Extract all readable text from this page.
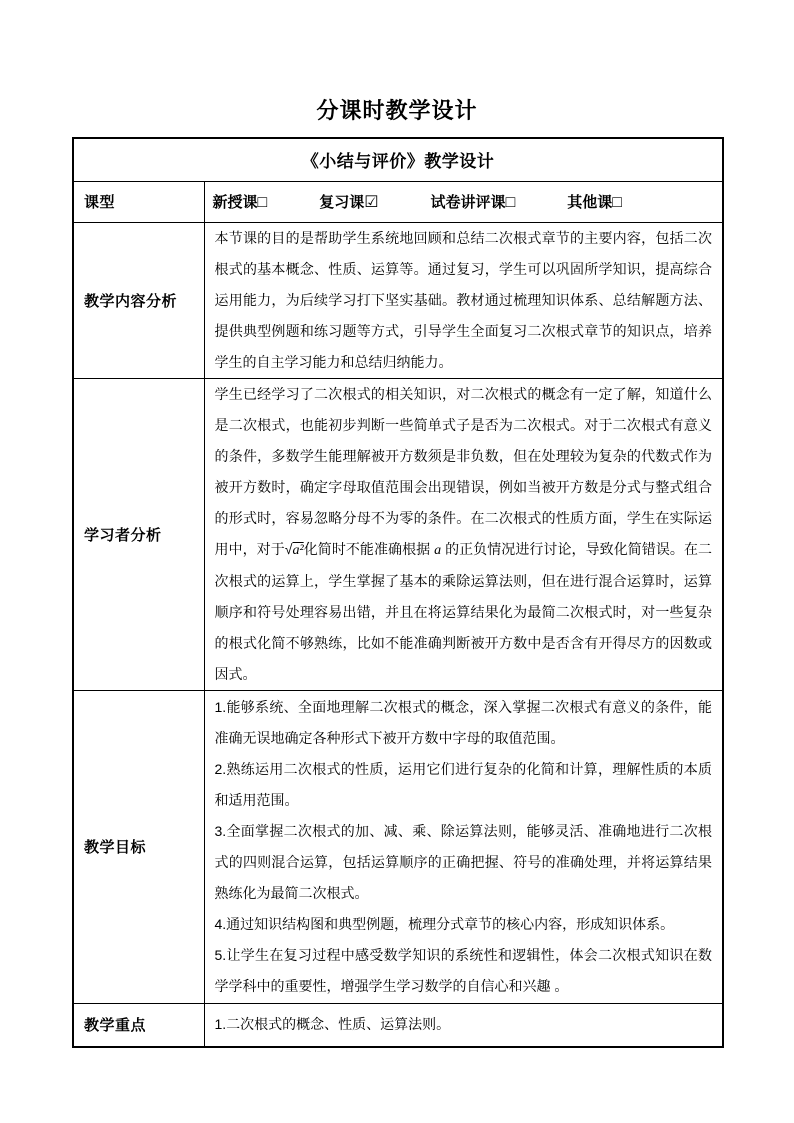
分课时教学设计
《小结与评价》教学设计	
课型	新授课□ 复习课☑ 试卷讲评课□ 其他课□

教学内容分析	本节课的目的是帮助学生系统地回顾和总结二次根式章节的主要内容，包括二次根式的基本概念、性质、运算等。通过复习，学生可以巩固所学知识，提高综合运用能力，为后续学习打下坚实基础。教材通过梳理知识体系、总结解题方法、提供典型例题和练习题等方式，引导学生全面复习二次根式章节的知识点，培养学生的自主学习能力和总结归纳能力。
学习者分析	学生已经学习了二次根式的相关知识，对二次根式的概念有一定了解，知道什么是二次根式，也能初步判断一些简单式子是否为二次根式。对于二次根式有意义的条件，多数学生能理解被开方数须是非负数，但在处理较为复杂的代数式作为被开方数时，确定字母取值范围会出现错误，例如当被开方数是分式与整式组合的形式时，容易忽略分母不为零的条件。在二次根式的性质方面，学生在实际运用中，对于√a²化简时不能准确根据 a 的正负情况进行讨论，导致化简错误。在二次根式的运算上，学生掌握了基本的乘除运算法则，但在进行混合运算时，运算顺序和符号处理容易出错，并且在将运算结果化为最简二次根式时，对一些复杂的根式化简不够熟练，比如不能准确判断被开方数中是否含有开得尽方的因数或因式。
教学目标	1.能够系统、全面地理解二次根式的概念，深入掌握二次根式有意义的条件，能准确无误地确定各种形式下被开方数中字母的取值范围。

2.熟练运用二次根式的性质，运用它们进行复杂的化简和计算，理解性质的本质和适用范围。

3.全面掌握二次根式的加、减、乘、除运算法则，能够灵活、准确地进行二次根式的四则混合运算，包括运算顺序的正确把握、符号的准确处理，并将运算结果熟练化为最简二次根式。

4.通过知识结构图和典型例题，梳理分式章节的核心内容，形成知识体系。

5.让学生在复习过程中感受数学知识的系统性和逻辑性，体会二次根式知识在数学学科中的重要性，增强学生学习数学的自信心和兴趣 。

教学重点	1.二次根式的概念、性质、运算法则。
